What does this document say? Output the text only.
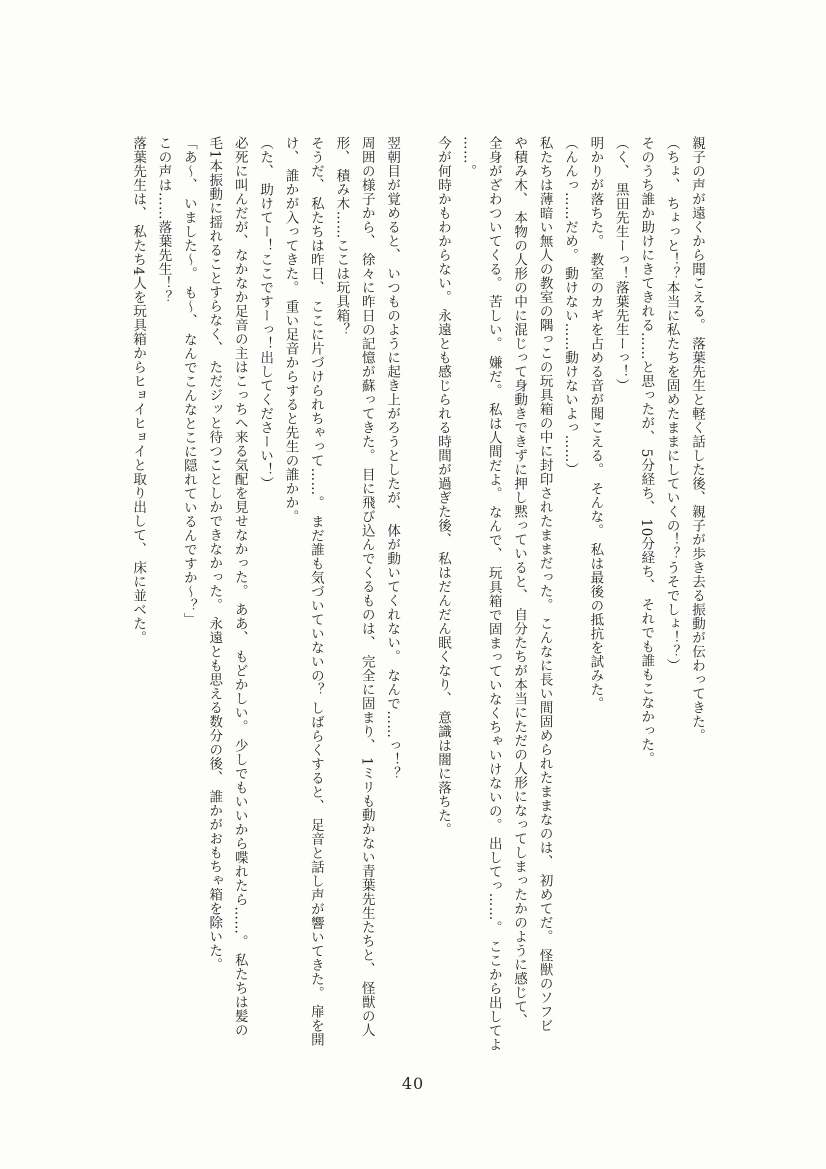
親子の声が遠くから聞こえる。 落葉先生と軽く話した後、親子が歩き去る振動が伝わってきた。
（ちょ、 ちょっと！？本当に私たちを固めたままにしていくの！？うそでしょ！？）
そのうち誰か助けにきてきれる……と思ったが、 5分経ち、 10分経ち、 それでも誰もこなかった。
（く、 黒田先生ーっ！落葉先生ーっ！）
明かりが落ちた。 教室のカギを占める音が聞こえる。 そんな。 私は最後の抵抗を試みた。
（んんっ……だめ。 動けない……動けないよっ……）
私たちは薄暗い無人の教室の隅っこの玩具箱の中に封印されたままだった。 こんなに長い間固められたままなのは、 初めてだ。 怪獣のソフビ
や積み木、 本物の人形の中に混じって身動きできずに押し黙っていると、 自分たちが本当にただの人形になってしまったかのように感じて、
全身がざわついてくる。 苦しい。 嫌だ。 私は人間だよ。 なんで、 玩具箱で固まっていなくちゃいけないの。 出してっ……。 ここから出してよ
……。
今が何時かもわからない。 永遠とも感じられる時間が過ぎた後、 私はだんだん眠くなり、 意識は闇に落ちた。
翌朝目が覚めると、 いつものように起き上がろうとしたが、 体が動いてくれない。 なんで……っ！？
周囲の様子から、 徐々に昨日の記憶が蘇ってきた。 目に飛び込んでくるものは、 完全に固まり、 1ミリも動かない青葉先生たちと、 怪獣の人
形、 積み木……ここは玩具箱？
そうだ、 私たちは昨日、 ここに片づけられちゃって……。 まだ誰も気づいていないの？ しばらくすると、 足音と話し声が響いてきた。 扉を開
け、 誰かが入ってきた。 重い足音からすると先生の誰かか。
（た、 助けてー！ここですーっ！出してくださーい！）
必死に叫んだが、なかなか足音の主はこっちへ来る気配を見せなかった。 ああ、 もどかしい。 少しでもいいから喋れたら……。 私たちは髪の
毛1本振動に揺れることすらなく、 ただジッと待つことしかできなかった。 永遠とも思える数分の後、 誰かがおもちゃ箱を除いた。
「あ〜、 いました〜。 も〜、 なんでこんなとこに隠れているんですか〜？」
この声は……落葉先生！？
落葉先生は、 私たち4人を玩具箱からヒョイヒョイと取り出して、 床に並べた。
40
